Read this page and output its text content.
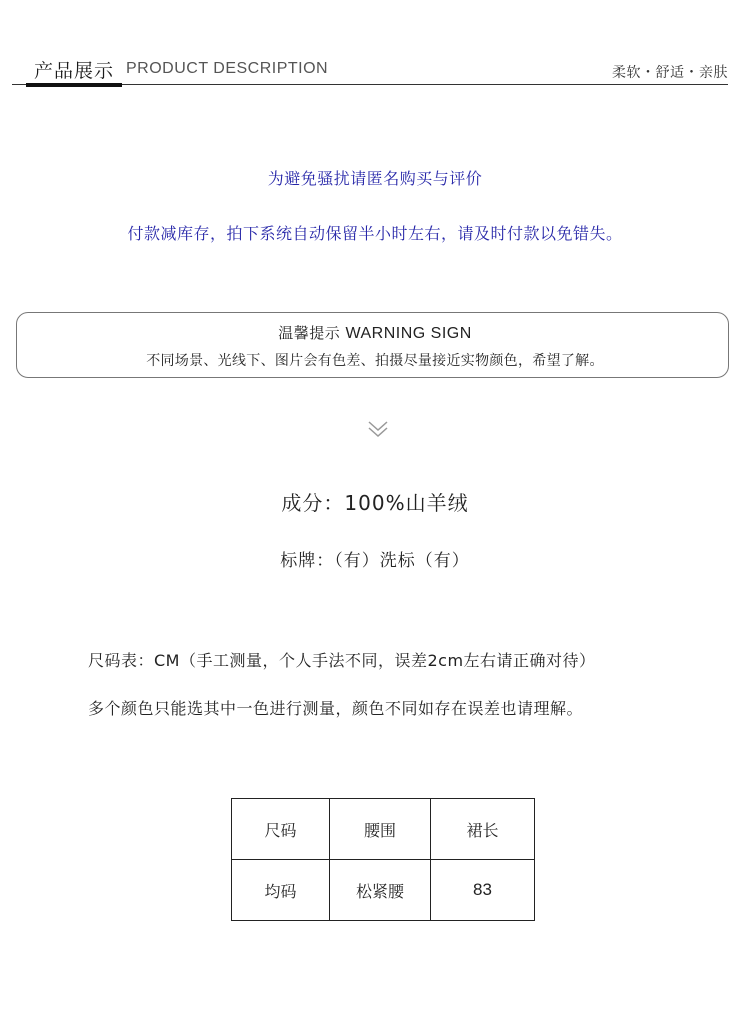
产品展示 PRODUCT DESCRIPTION	柔软・舒适・亲肤
为避免骚扰请匿名购买与评价
付款减库存，拍下系统自动保留半小时左右，请及时付款以免错失。
温馨提示 WARNING SIGN
不同场景、光线下、图片会有色差、拍摄尽量接近实物颜色，希望了解。
成分：100%山羊绒
标牌：（有）洗标（有）
尺码表：CM（手工测量，个人手法不同，误差2cm左右请正确对待）
多个颜色只能选其中一色进行测量，颜色不同如存在误差也请理解。
尺码	腰围	裙长
均码	松紧腰	83
